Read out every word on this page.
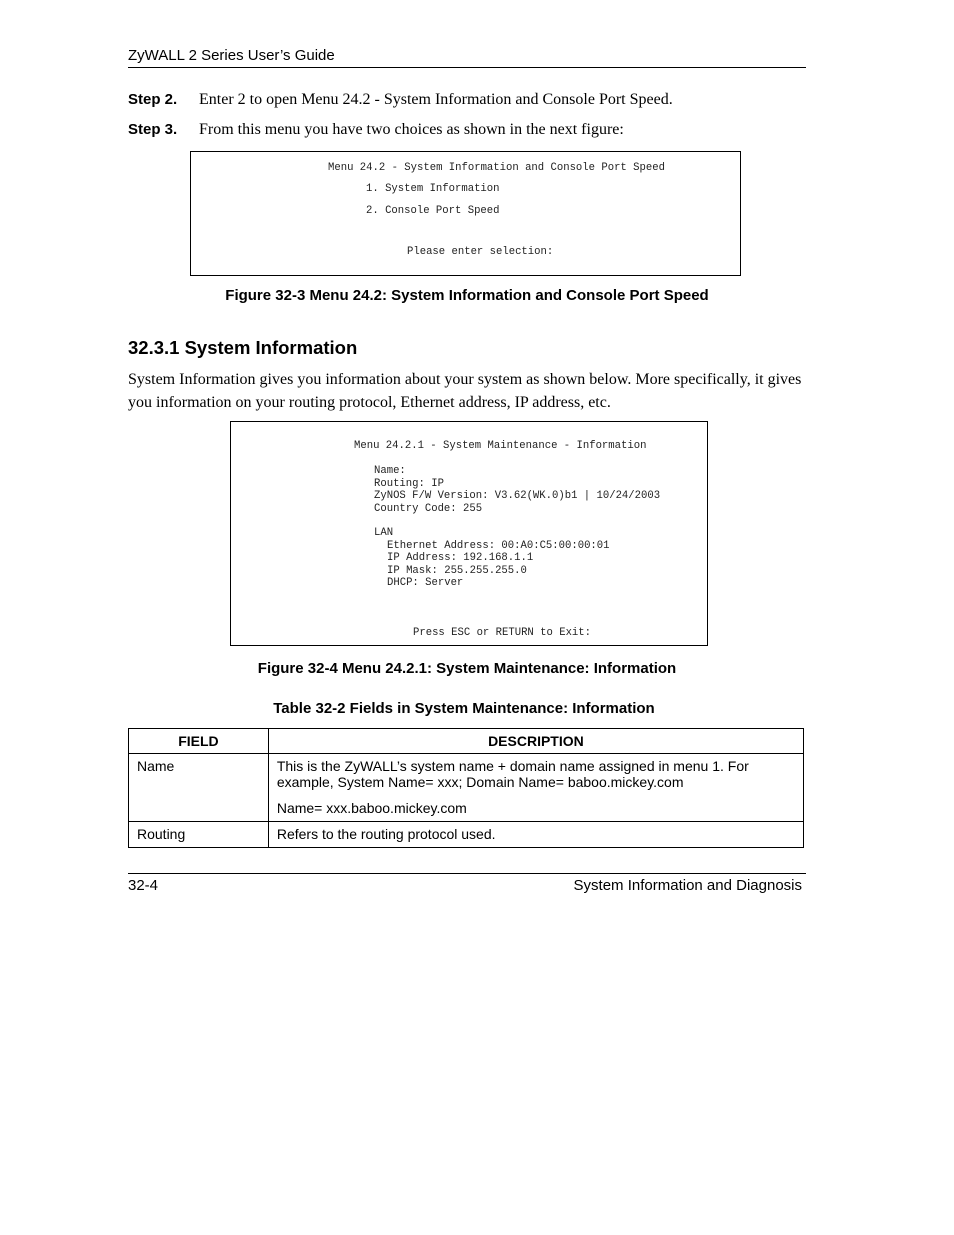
ZyWALL 2 Series User’s Guide
Step 2. Enter 2 to open Menu 24.2 - System Information and Console Port Speed.
Step 3. From this menu you have two choices as shown in the next figure:
Menu 24.2 - System Information and Console Port Speed
1. System Information
2. Console Port Speed
Please enter selection:
Figure 32-3 Menu 24.2: System Information and Console Port Speed
32.3.1 System Information
System Information gives you information about your system as shown below. More specifically, it gives
you information on your routing protocol, Ethernet address, IP address, etc.
Menu 24.2.1 - System Maintenance - Information
Name:
Routing: IP
ZyNOS F/W Version: V3.62(WK.0)b1 | 10/24/2003
Country Code: 255
LAN
Ethernet Address: 00:A0:C5:00:00:01
IP Address: 192.168.1.1
IP Mask: 255.255.255.0
DHCP: Server
Press ESC or RETURN to Exit:
Figure 32-4 Menu 24.2.1: System Maintenance: Information
Table 32-2 Fields in System Maintenance: Information
FIELD	DESCRIPTION
Name	This is the ZyWALL’s system name + domain name assigned in menu 1. For example, System Name= xxx; Domain Name= baboo.mickey.com

Name= xxx.baboo.mickey.com

Routing	Refers to the routing protocol used.

32-4	System Information and Diagnosis
